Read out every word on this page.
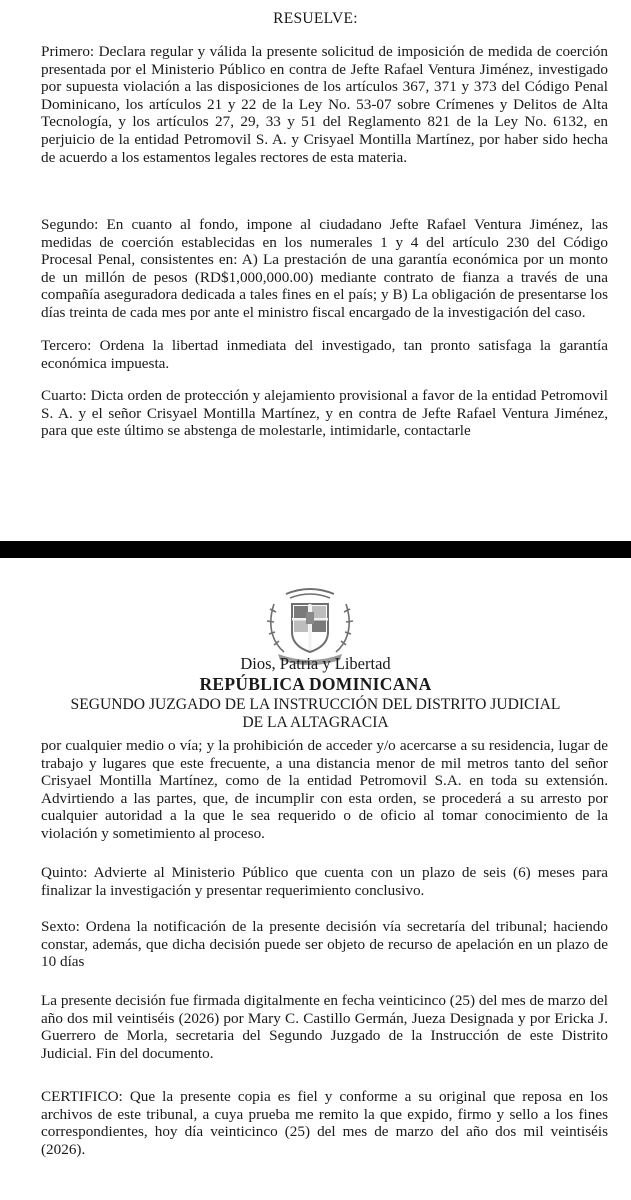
RESUELVE:

Primero: Declara regular y válida la presente solicitud de imposición de medida de coerción presentada por el Ministerio Público en contra de Jefte Rafael Ventura Jiménez, investigado por supuesta violación a las disposiciones de los artículos 367, 371 y 373 del Código Penal Dominicano, los artículos 21 y 22 de la Ley No. 53-07 sobre Crímenes y Delitos de Alta Tecnología, y los artículos 27, 29, 33 y 51 del Reglamento 821 de la Ley No. 6132, en perjuicio de la entidad Petromovil S. A. y Crisyael Montilla Martínez, por haber sido hecha de acuerdo a los estamentos legales rectores de esta materia.

Segundo: En cuanto al fondo, impone al ciudadano Jefte Rafael Ventura Jiménez, las medidas de coerción establecidas en los numerales 1 y 4 del artículo 230 del Código Procesal Penal, consistentes en: A) La prestación de una garantía económica por un monto de un millón de pesos (RD$1,000,000.00) mediante contrato de fianza a través de una compañía aseguradora dedicada a tales fines en el país; y B) La obligación de presentarse los días treinta de cada mes por ante el ministro fiscal encargado de la investigación del caso.

Tercero: Ordena la libertad inmediata del investigado, tan pronto satisfaga la garantía económica impuesta.

Cuarto: Dicta orden de protección y alejamiento provisional a favor de la entidad Petromovil S. A. y el señor Crisyael Montilla Martínez, y en contra de Jefte Rafael Ventura Jiménez, para que este último se abstenga de molestarle, intimidarle, contactarle

Dios, Patria y Libertad
REPÚBLICA DOMINICANA
SEGUNDO JUZGADO DE LA INSTRUCCIÓN DEL DISTRITO JUDICIAL
DE LA ALTAGRACIA

por cualquier medio o vía; y la prohibición de acceder y/o acercarse a su residencia, lugar de trabajo y lugares que este frecuente, a una distancia menor de mil metros tanto del señor Crisyael Montilla Martínez, como de la entidad Petromovil S.A. en toda su extensión. Advirtiendo a las partes, que, de incumplir con esta orden, se procederá a su arresto por cualquier autoridad a la que le sea requerido o de oficio al tomar conocimiento de la violación y sometimiento al proceso.

Quinto: Advierte al Ministerio Público que cuenta con un plazo de seis (6) meses para finalizar la investigación y presentar requerimiento conclusivo.

Sexto: Ordena la notificación de la presente decisión vía secretaría del tribunal; haciendo constar, además, que dicha decisión puede ser objeto de recurso de apelación en un plazo de 10 días

La presente decisión fue firmada digitalmente en fecha veinticinco (25) del mes de marzo del año dos mil veintiséis (2026) por Mary C. Castillo Germán, Jueza Designada y por Ericka J. Guerrero de Morla, secretaria del Segundo Juzgado de la Instrucción de este Distrito Judicial. Fin del documento.

CERTIFICO: Que la presente copia es fiel y conforme a su original que reposa en los archivos de este tribunal, a cuya prueba me remito la que expido, firmo y sello a los fines correspondientes, hoy día veinticinco (25) del mes de marzo del año dos mil veintiséis (2026).
